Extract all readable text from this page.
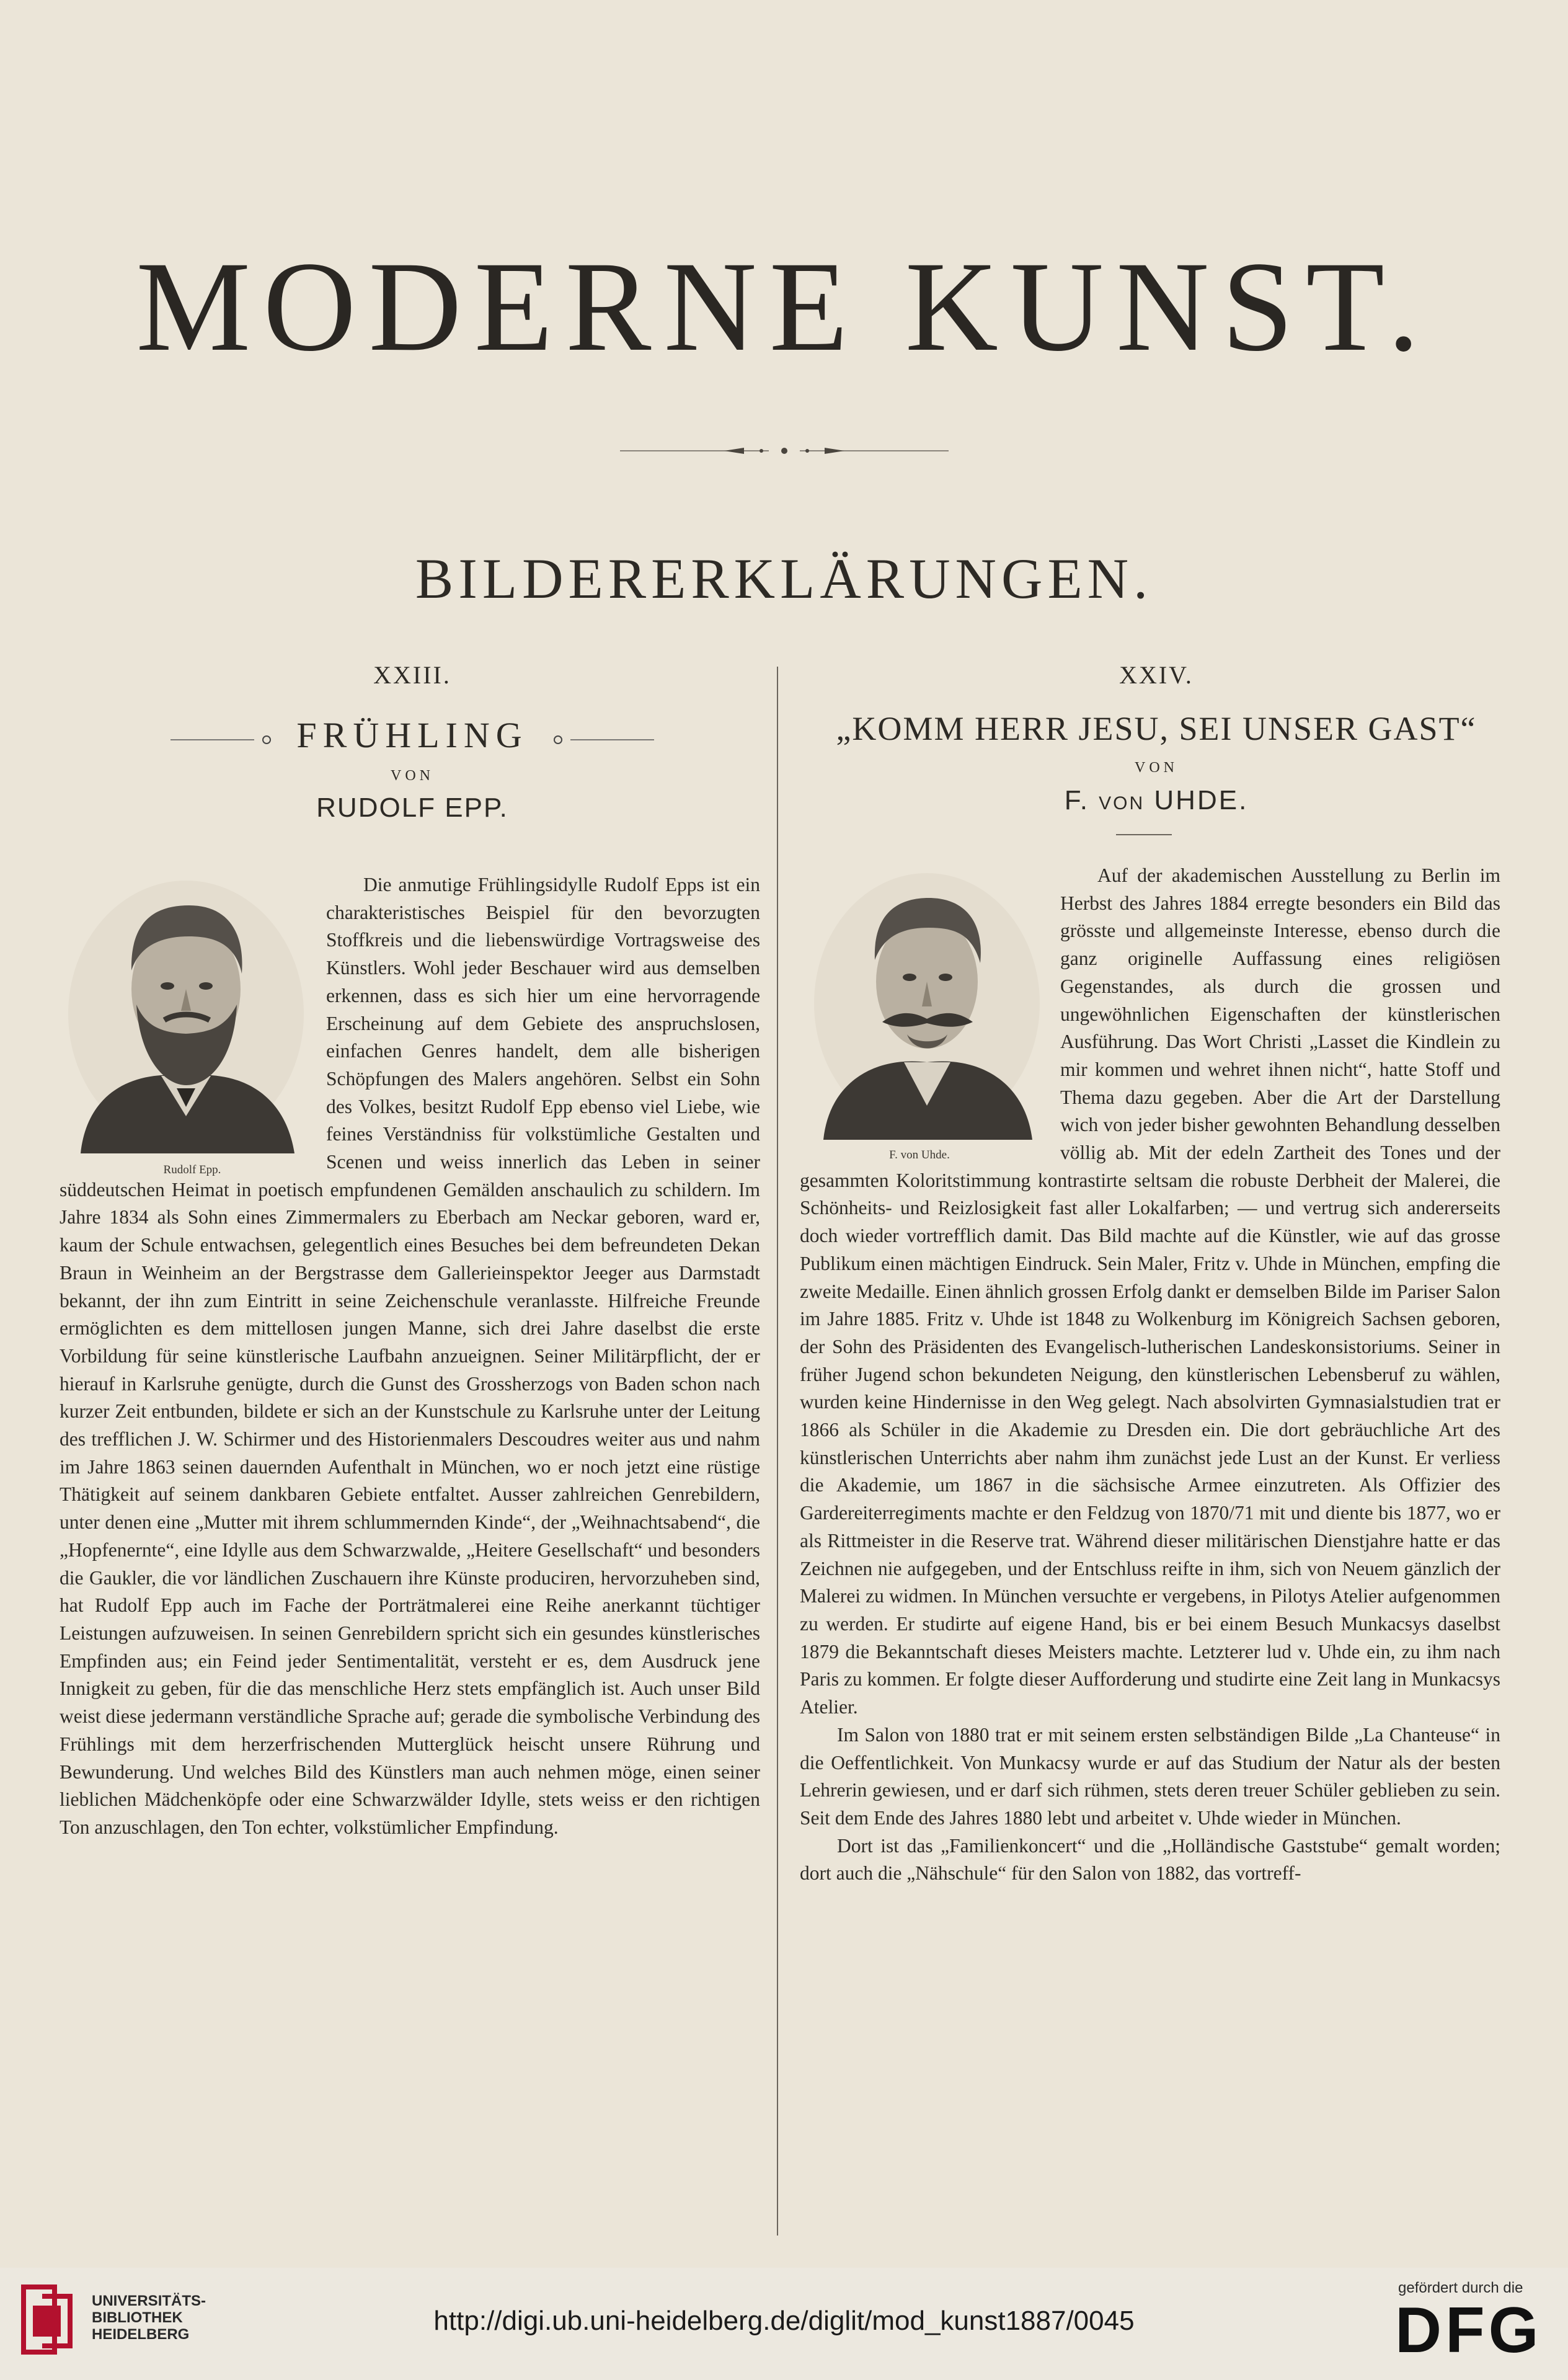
MODERNE KUNST.
BILDERERKLÄRUNGEN.
XXIII.
FRÜHLING
VON
RUDOLF EPP.
Rudolf Epp.

Die anmutige Frühlingsidylle Rudolf Epps ist ein charakteristisches Beispiel für den bevorzugten Stoffkreis und die liebenswürdige Vortragsweise des Künstlers. Wohl jeder Beschauer wird aus demselben erkennen, dass es sich hier um eine hervorragende Erscheinung auf dem Gebiete des anspruchslosen, einfachen Genres handelt, dem alle bisherigen Schöpfungen des Malers angehören. Selbst ein Sohn des Volkes, besitzt Rudolf Epp ebenso viel Liebe, wie feines Verständniss für volkstümliche Gestalten und Scenen und weiss innerlich das Leben in seiner süddeutschen Heimat in poetisch empfundenen Gemälden anschaulich zu schildern. Im Jahre 1834 als Sohn eines Zimmermalers zu Eberbach am Neckar geboren, ward er, kaum der Schule entwachsen, gelegentlich eines Besuches bei dem befreundeten Dekan Braun in Weinheim an der Bergstrasse dem Gallerieinspektor Jeeger aus Darmstadt bekannt, der ihn zum Eintritt in seine Zeichenschule veranlasste. Hilfreiche Freunde ermöglichten es dem mittellosen jungen Manne, sich drei Jahre daselbst die erste Vorbildung für seine künstlerische Laufbahn anzueignen. Seiner Militärpflicht, der er hierauf in Karlsruhe genügte, durch die Gunst des Grossherzogs von Baden schon nach kurzer Zeit entbunden, bildete er sich an der Kunstschule zu Karlsruhe unter der Leitung des trefflichen J. W. Schirmer und des Historienmalers Descoudres weiter aus und nahm im Jahre 1863 seinen dauernden Aufenthalt in München, wo er noch jetzt eine rüstige Thätigkeit auf seinem dankbaren Gebiete entfaltet. Ausser zahlreichen Genrebildern, unter denen eine „Mutter mit ihrem schlummernden Kinde“, der „Weihnachtsabend“, die „Hopfenernte“, eine Idylle aus dem Schwarzwalde, „Heitere Gesellschaft“ und besonders die Gaukler, die vor ländlichen Zuschauern ihre Künste produciren, hervorzuheben sind, hat Rudolf Epp auch im Fache der Porträtmalerei eine Reihe anerkannt tüchtiger Leistungen aufzuweisen. In seinen Genrebildern spricht sich ein gesundes künstlerisches Empfinden aus; ein Feind jeder Sentimentalität, versteht er es, dem Ausdruck jene Innigkeit zu geben, für die das menschliche Herz stets empfänglich ist. Auch unser Bild weist diese jedermann verständliche Sprache auf; gerade die symbolische Verbindung des Frühlings mit dem herzerfrischenden Mutterglück heischt unsere Rührung und Bewunderung. Und welches Bild des Künstlers man auch nehmen möge, einen seiner lieblichen Mädchenköpfe oder eine Schwarzwälder Idylle, stets weiss er den richtigen Ton anzuschlagen, den Ton echter, volkstümlicher Empfindung.

XXIV.
„KOMM HERR JESU, SEI UNSER GAST“
VON
F. VON UHDE.
F. von Uhde.

Auf der akademischen Ausstellung zu Berlin im Herbst des Jahres 1884 erregte besonders ein Bild das grösste und allgemeinste Interesse, ebenso durch die ganz originelle Auffassung eines religiösen Gegenstandes, als durch die grossen und ungewöhnlichen Eigenschaften der künstlerischen Ausführung. Das Wort Christi „Lasset die Kindlein zu mir kommen und wehret ihnen nicht“, hatte Stoff und Thema dazu gegeben. Aber die Art der Darstellung wich von jeder bisher gewohnten Behandlung desselben völlig ab. Mit der edeln Zartheit des Tones und der gesammten Koloritstimmung kontrastirte seltsam die robuste Derbheit der Malerei, die Schönheits- und Reizlosigkeit fast aller Lokalfarben; — und vertrug sich andererseits doch wieder vortrefflich damit. Das Bild machte auf die Künstler, wie auf das grosse Publikum einen mächtigen Eindruck. Sein Maler, Fritz v. Uhde in München, empfing die zweite Medaille. Einen ähnlich grossen Erfolg dankt er demselben Bilde im Pariser Salon im Jahre 1885. Fritz v. Uhde ist 1848 zu Wolkenburg im Königreich Sachsen geboren, der Sohn des Präsidenten des Evangelisch-lutherischen Landeskonsistoriums. Seiner in früher Jugend schon bekundeten Neigung, den künstlerischen Lebensberuf zu wählen, wurden keine Hindernisse in den Weg gelegt. Nach absolvirten Gymnasialstudien trat er 1866 als Schüler in die Akademie zu Dresden ein. Die dort gebräuchliche Art des künstlerischen Unterrichts aber nahm ihm zunächst jede Lust an der Kunst. Er verliess die Akademie, um 1867 in die sächsische Armee einzutreten. Als Offizier des Gardereiterregiments machte er den Feldzug von 1870/71 mit und diente bis 1877, wo er als Rittmeister in die Reserve trat. Während dieser militärischen Dienstjahre hatte er das Zeichnen nie aufgegeben, und der Entschluss reifte in ihm, sich von Neuem gänzlich der Malerei zu widmen. In München versuchte er vergebens, in Pilotys Atelier aufgenommen zu werden. Er studirte auf eigene Hand, bis er bei einem Besuch Munkacsys daselbst 1879 die Bekanntschaft dieses Meisters machte. Letzterer lud v. Uhde ein, zu ihm nach Paris zu kommen. Er folgte dieser Aufforderung und studirte eine Zeit lang in Munkacsys Atelier.

Im Salon von 1880 trat er mit seinem ersten selbständigen Bilde „La Chanteuse“ in die Oeffentlichkeit. Von Munkacsy wurde er auf das Studium der Natur als der besten Lehrerin gewiesen, und er darf sich rühmen, stets deren treuer Schüler geblieben zu sein. Seit dem Ende des Jahres 1880 lebt und arbeitet v. Uhde wieder in München.

Dort ist das „Familienkoncert“ und die „Holländische Gaststube“ gemalt worden; dort auch die „Nähschule“ für den Salon von 1882, das vortreff-

UNIVERSITÄTS-
BIBLIOTHEK
HEIDELBERG	http://digi.ub.uni-heidelberg.de/diglit/mod_kunst1887/0045
gefördert durch die
DFG
